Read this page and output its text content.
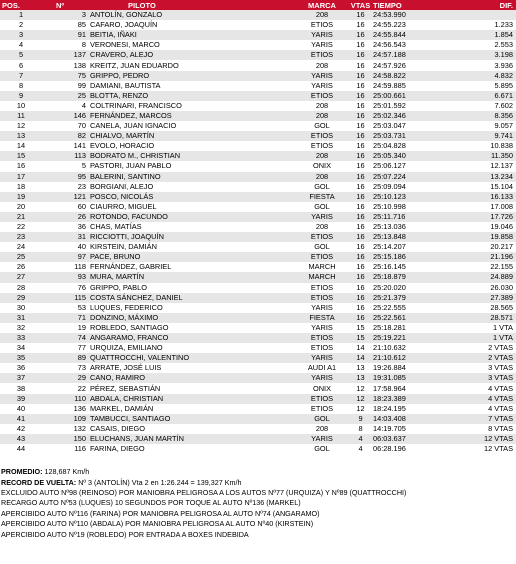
POS.	Nº	PILOTO	MARCA	VTAS	TIEMPO	DIF.
1	3	ANTOLÍN, GONZALO	208	16	24:53.990	
2	85	CAFARO, JOAQUÍN	ETIOS	16	24:55.223	1.233
3	91	BEITIA, IÑAKI	YARIS	16	24:55.844	1.854
4	8	VERONESI, MARCO	YARIS	16	24:56.543	2.553
5	137	CRAVERO, ALEJO	ETIOS	16	24:57.188	3.198
6	138	KREITZ, JUAN EDUARDO	208	16	24:57.926	3.936
7	75	GRIPPO, PEDRO	YARIS	16	24:58.822	4.832
8	99	DAMIANI, BAUTISTA	YARIS	16	24:59.885	5.895
9	25	BLOTTA, RENZO	ETIOS	16	25:00.661	6.671
10	4	COLTRINARI, FRANCISCO	208	16	25:01.592	7.602
11	146	FERNÁNDEZ, MARCOS	208	16	25:02.346	8.356
12	70	CANELA, JUAN IGNACIO	GOL	16	25:03.047	9.057
13	82	CHIALVO, MARTÍN	ETIOS	16	25:03.731	9.741
14	141	EVOLO, HORACIO	ETIOS	16	25:04.828	10.838
15	113	BODRATO M., CHRISTIAN	208	16	25:05.340	11.350
16	5	PASTORI, JUAN PABLO	ONIX	16	25:06.127	12.137
17	95	BALERINI, SANTINO	208	16	25:07.224	13.234
18	23	BORGIANI, ALEJO	GOL	16	25:09.094	15.104
19	121	POSCO, NICOLÁS	FIESTA	16	25:10.123	16.133
20	60	CIAURRO, MIGUEL	GOL	16	25:10.998	17.008
21	26	ROTONDO, FACUNDO	YARIS	16	25:11.716	17.726
22	36	CHAS, MATÍAS	208	16	25:13.036	19.046
23	31	RICCIOTTI, JOAQUÍN	ETIOS	16	25:13.848	19.858
24	40	KIRSTEIN, DAMIÁN	GOL	16	25:14.207	20.217
25	97	PACE, BRUNO	ETIOS	16	25:15.186	21.196
26	118	FERNÁNDEZ, GABRIEL	MARCH	16	25:16.145	22.155
27	93	MURA, MARTÍN	MARCH	16	25:18.879	24.889
28	76	GRIPPO, PABLO	ETIOS	16	25:20.020	26.030
29	115	COSTA SÁNCHEZ, DANIEL	ETIOS	16	25:21.379	27.389
30	53	LUQUES, FEDERICO	YARIS	16	25:22.555	28.565
31	71	DONZINO, MÁXIMO	FIESTA	16	25:22.561	28.571
32	19	ROBLEDO, SANTIAGO	YARIS	15	25:18.281	1 VTA
33	74	ANGARAMO, FRANCO	ETIOS	15	25:19.221	1 VTA
34	77	URQUIZA, EMILIANO	ETIOS	14	21:10.632	2 VTAS
35	89	QUATTROCCHI, VALENTINO	YARIS	14	21:10.612	2 VTAS
36	73	ARRATE, JOSÉ LUIS	AUDI A1	13	19:26.884	3 VTAS
37	29	CANO, RAMIRO	YARIS	13	19:31.085	3 VTAS
38	22	PÉREZ, SEBASTIÁN	ONIX	12	17:58.964	4 VTAS
39	110	ABDALA, CHRISTIAN	ETIOS	12	18:23.389	4 VTAS
40	136	MARKEL, DAMIÁN	ETIOS	12	18:24.195	4 VTAS
41	109	TAMBUCCI, SANTIAGO	GOL	9	14:03.408	7 VTAS
42	132	CASAIS, DIEGO	208	8	14:19.705	8 VTAS
43	150	ELUCHANS, JUAN MARTÍN	YARIS	4	06:03.637	12 VTAS
44	116	FARINA, DIEGO	GOL	4	06:28.196	12 VTAS
PROMEDIO: 128,687 Km/h
RECORD DE VUELTA: Nº 3 (ANTOLÍN) Vta 2 en 1:26.244 = 139,327 Km/h
EXCLUIDO AUTO Nº98 (REINOSO) POR MANIOBRA PELIGROSA A LOS AUTOS Nº77 (URQUIZA) Y Nº89 (QUATTROCCHI)
RECARGO AUTO Nº53 (LUQUES) 10 SEGUNDOS POR TOQUE AL AUTO Nº136 (MARKEL)
APERCIBIDO AUTO Nº116 (FARINA) POR MANIOBRA PELIGROSA AL AUTO Nº74 (ANGARAMO)
APERCIBIDO AUTO Nº110 (ABDALA) POR MANIOBRA PELIGROSA AL AUTO Nº40 (KIRSTEIN)
APERCIBIDO AUTO Nº19 (ROBLEDO) POR ENTRADA A BOXES INDEBIDA
